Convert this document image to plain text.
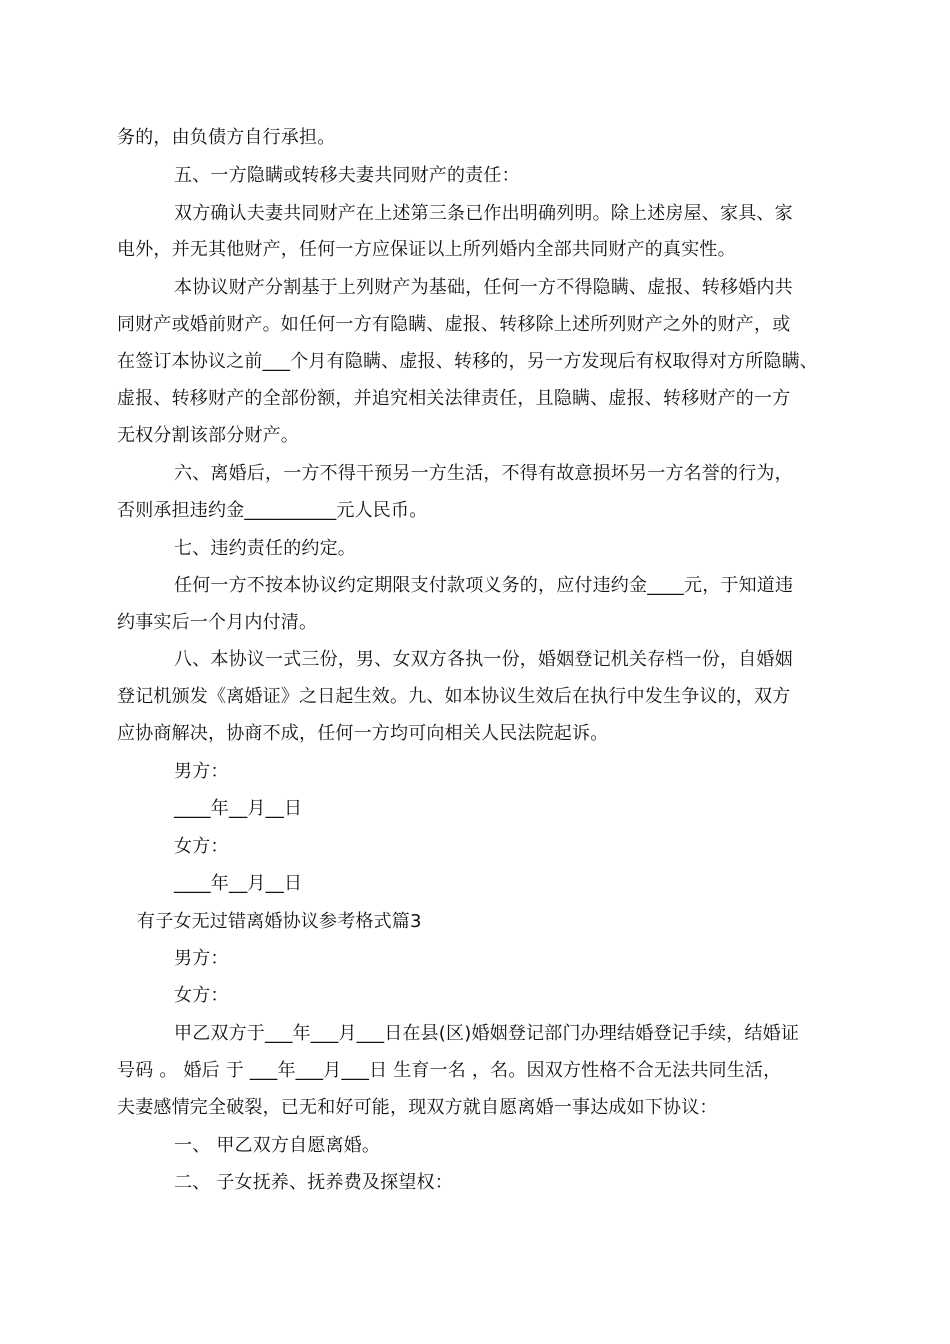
务的，由负债方自行承担。
五、一方隐瞒或转移夫妻共同财产的责任：
双方确认夫妻共同财产在上述第三条已作出明确列明。除上述房屋、家具、家
电外，并无其他财产，任何一方应保证以上所列婚内全部共同财产的真实性。
本协议财产分割基于上列财产为基础，任何一方不得隐瞒、虚报、转移婚内共
同财产或婚前财产。如任何一方有隐瞒、虚报、转移除上述所列财产之外的财产，或
在签订本协议之前___个月有隐瞒、虚报、转移的，另一方发现后有权取得对方所隐瞒、
虚报、转移财产的全部份额，并追究相关法律责任，且隐瞒、虚报、转移财产的一方
无权分割该部分财产。
六、离婚后，一方不得干预另一方生活，不得有故意损坏另一方名誉的行为，
否则承担违约金__________元人民币。
七、违约责任的约定。
任何一方不按本协议约定期限支付款项义务的，应付违约金____元，于知道违
约事实后一个月内付清。
八、本协议一式三份，男、女双方各执一份，婚姻登记机关存档一份，自婚姻
登记机颁发《离婚证》之日起生效。九、如本协议生效后在执行中发生争议的，双方
应协商解决，协商不成，任何一方均可向相关人民法院起诉。
男方：
____年__月__日
女方：
____年__月__日
有子女无过错离婚协议参考格式篇3
男方：
女方：
甲乙双方于___年___月___日在县(区)婚姻登记部门办理结婚登记手续，结婚证
号码 。 婚后 于 ___年___月___日 生育一名 ，名。因双方性格不合无法共同生活，
夫妻感情完全破裂，已无和好可能，现双方就自愿离婚一事达成如下协议：
一、 甲乙双方自愿离婚。
二、 子女抚养、抚养费及探望权：
